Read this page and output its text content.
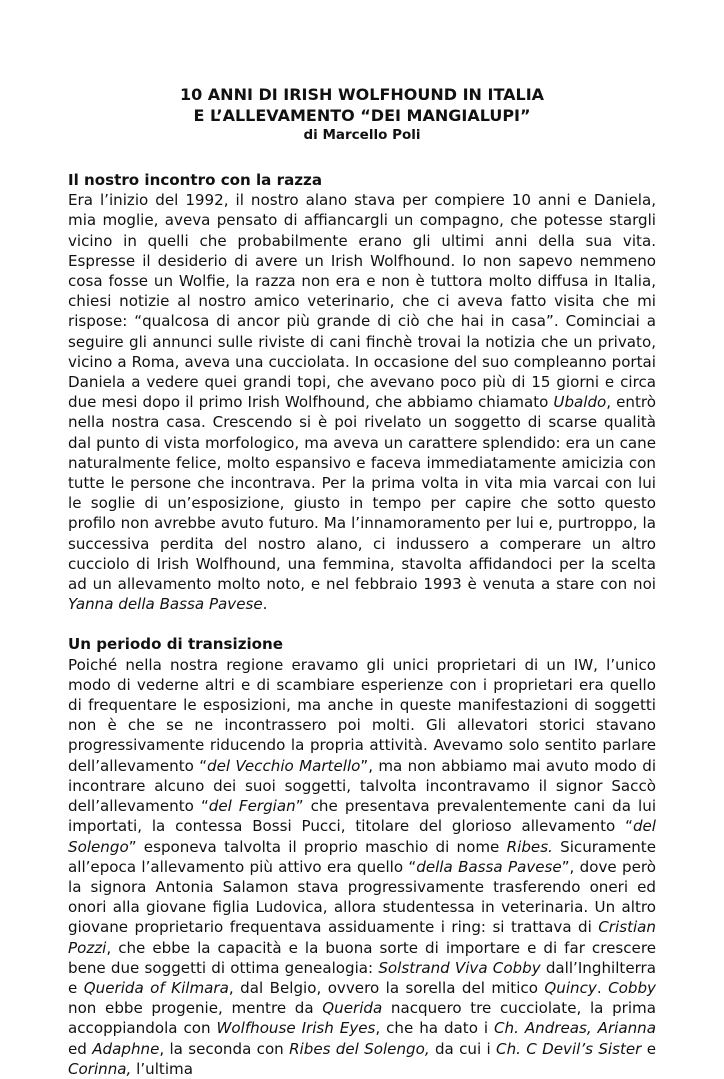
10 ANNI DI IRISH WOLFHOUND IN ITALIA

E L’ALLEVAMENTO “DEI MANGIALUPI”

di Marcello Poli

Il nostro incontro con la razza

Era l’inizio del 1992, il nostro alano stava per compiere 10 anni e Daniela, mia moglie, aveva pensato di affiancargli un compagno, che potesse stargli vicino in quelli che probabilmente erano gli ultimi anni della sua vita. Espresse il desiderio di avere un Irish Wolfhound. Io non sapevo nemmeno cosa fosse un Wolfie, la razza non era e non è tuttora molto diffusa in Italia, chiesi notizie al nostro amico veterinario, che ci aveva fatto visita che mi rispose: “qualcosa di ancor più grande di ciò che hai in casa”. Cominciai a seguire gli annunci sulle riviste di cani finchè trovai la notizia che un privato, vicino a Roma, aveva una cucciolata. In occasione del suo compleanno portai Daniela a vedere quei grandi topi, che avevano poco più di 15 giorni e circa due mesi dopo il primo Irish Wolfhound, che abbiamo chiamato Ubaldo, entrò nella nostra casa. Crescendo si è poi rivelato un soggetto di scarse qualità dal punto di vista morfologico, ma aveva un carattere splendido: era un cane naturalmente felice, molto espansivo e faceva immediatamente amicizia con tutte le persone che incontrava. Per la prima volta in vita mia varcai con lui le soglie di un’esposizione, giusto in tempo per capire che sotto questo profilo non avrebbe avuto futuro. Ma l’innamoramento per lui e, purtroppo, la successiva perdita del nostro alano, ci indussero a comperare un altro cucciolo di Irish Wolfhound, una femmina, stavolta affidandoci per la scelta ad un allevamento molto noto, e nel febbraio 1993 è venuta a stare con noi Yanna della Bassa Pavese.

Un periodo di transizione

Poiché nella nostra regione eravamo gli unici proprietari di un IW, l’unico modo di vederne altri e di scambiare esperienze con i proprietari era quello di frequentare le esposizioni, ma anche in queste manifestazioni di soggetti non è che se ne incontrassero poi molti. Gli allevatori storici stavano progressivamente riducendo la propria attività. Avevamo solo sentito parlare dell’allevamento “del Vecchio Martello”, ma non abbiamo mai avuto modo di incontrare alcuno dei suoi soggetti, talvolta incontravamo il signor Saccò dell’allevamento “del Fergian” che presentava prevalentemente cani da lui importati, la contessa Bossi Pucci, titolare del glorioso allevamento “del Solengo” esponeva talvolta il proprio maschio di nome Ribes. Sicuramente all’epoca l’allevamento più attivo era quello “della Bassa Pavese”, dove però la signora Antonia Salamon stava progressivamente trasferendo oneri ed onori alla giovane figlia Ludovica, allora studentessa in veterinaria. Un altro giovane proprietario frequentava assiduamente i ring: si trattava di Cristian Pozzi, che ebbe la capacità e la buona sorte di importare e di far crescere bene due soggetti di ottima genealogia: Solstrand Viva Cobby dall’Inghilterra e Querida of Kilmara, dal Belgio, ovvero la sorella del mitico Quincy. Cobby non ebbe progenie, mentre da Querida nacquero tre cucciolate, la prima accoppiandola con Wolfhouse Irish Eyes, che ha dato i Ch. Andreas, Arianna ed Adaphne, la seconda con Ribes del Solengo, da cui i Ch. C Devil’s Sister e Corinna, l’ultima
